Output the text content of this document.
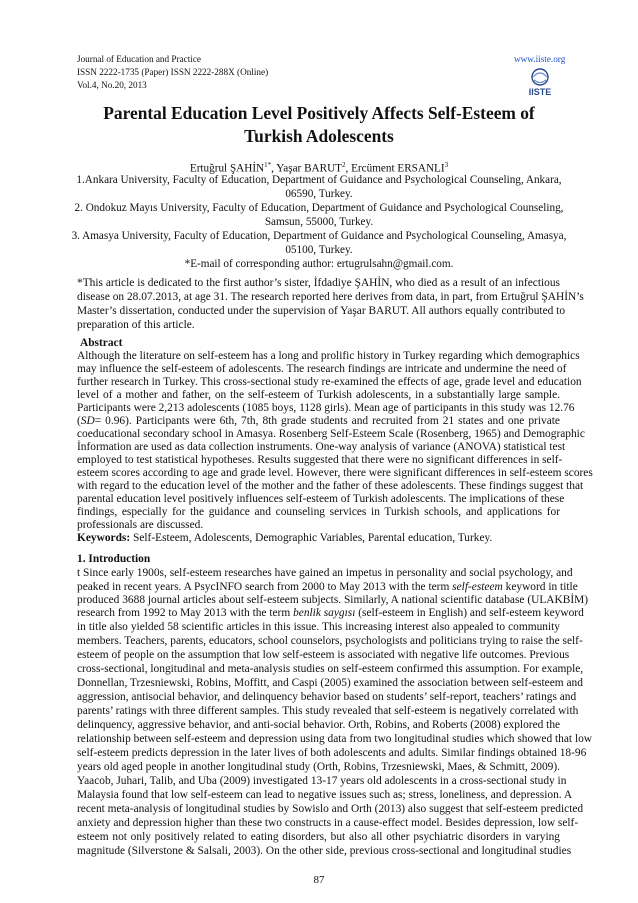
Journal of Education and Practice
ISSN 2222-1735 (Paper) ISSN 2222-288X (Online)
Vol.4, No.20, 2013
www.iiste.org
IISTE
Parental Education Level Positively Affects Self-Esteem of
Turkish Adolescents
Ertuğrul $ŞAHİN^{1*}$, Yaşar BARUT$^2$, Ercüment ERSANLI$^3$
1.Ankara University, Faculty of Education, Department of Guidance and Psychological Counseling, Ankara,
06590, Turkey.
2. Ondokuz Mayıs University, Faculty of Education, Department of Guidance and Psychological Counseling,
Samsun, 55000, Turkey.
3. Amasya University, Faculty of Education, Department of Guidance and Psychological Counseling, Amasya,
05100, Turkey.
*E-mail of corresponding author: ertugrulsahn@gmail.com.
*This article is dedicated to the first author’s sister, İfdadiye ŞAHİN, who died as a result of an infectious
disease on 28.07.2013, at age 31. The research reported here derives from data, in part, from Ertuğrul ŞAHİN’s
Master’s dissertation, conducted under the supervision of Yaşar BARUT. All authors equally contributed to
preparation of this article.
Abstract
Although the literature on self-esteem has a long and prolific history in Turkey regarding which demographics
may influence the self-esteem of adolescents. The research findings are intricate and undermine the need of
further research in Turkey. This cross-sectional study re-examined the effects of age, grade level and education
level of a mother and father, on the self-esteem of Turkish adolescents, in a substantially large sample.
Participants were 2,213 adolescents (1085 boys, 1128 girls). Mean age of participants in this study was 12.76
(SD= 0.96). Participants were 6th, 7th, 8th grade students and recruited from 21 states and one private
coeducational secondary school in Amasya. Rosenberg Self-Esteem Scale (Rosenberg, 1965) and Demographic
İnformation are used as data collection instruments. One-way analysis of variance (ANOVA) statistical test
employed to test statistical hypotheses. Results suggested that there were no significant differences in self-
esteem scores according to age and grade level. However, there were significant differences in self-esteem scores
with regard to the education level of the mother and the father of these adolescents. These findings suggest that
parental education level positively influences self-esteem of Turkish adolescents. The implications of these
findings, especially for the guidance and counseling services in Turkish schools, and applications for
professionals are discussed.
Keywords: Self-Esteem, Adolescents, Demographic Variables, Parental education, Turkey.
1. Introduction
t Since early 1900s, self-esteem researches have gained an impetus in personality and social psychology, and
peaked in recent years. A PsycINFO search from 2000 to May 2013 with the term self-esteem keyword in title
produced 3688 journal articles about self-esteem subjects. Similarly, A national scientific database (ULAKBİM)
research from 1992 to May 2013 with the term benlik saygısı (self-esteem in English) and self-esteem keyword
in title also yielded 58 scientific articles in this issue. This increasing interest also appealed to community
members. Teachers, parents, educators, school counselors, psychologists and politicians trying to raise the self-
esteem of people on the assumption that low self-esteem is associated with negative life outcomes. Previous
cross-sectional, longitudinal and meta-analysis studies on self-esteem confirmed this assumption. For example,
Donnellan, Trzesniewski, Robins, Moffitt, and Caspi (2005) examined the association between self-esteem and
aggression, antisocial behavior, and delinquency behavior based on students’ self-report, teachers’ ratings and
parents’ ratings with three different samples. This study revealed that self-esteem is negatively correlated with
delinquency, aggressive behavior, and anti-social behavior. Orth, Robins, and Roberts (2008) explored the
relationship between self-esteem and depression using data from two longitudinal studies which showed that low
self-esteem predicts depression in the later lives of both adolescents and adults. Similar findings obtained 18-96
years old aged people in another longitudinal study (Orth, Robins, Trzesniewski, Maes, & Schmitt, 2009).
Yaacob, Juhari, Talib, and Uba (2009) investigated 13-17 years old adolescents in a cross-sectional study in
Malaysia found that low self-esteem can lead to negative issues such as; stress, loneliness, and depression. A
recent meta-analysis of longitudinal studies by Sowislo and Orth (2013) also suggest that self-esteem predicted
anxiety and depression higher than these two constructs in a cause-effect model. Besides depression, low self-
esteem not only positively related to eating disorders, but also all other psychiatric disorders in varying
magnitude (Silverstone & Salsali, 2003). On the other side, previous cross-sectional and longitudinal studies
87
